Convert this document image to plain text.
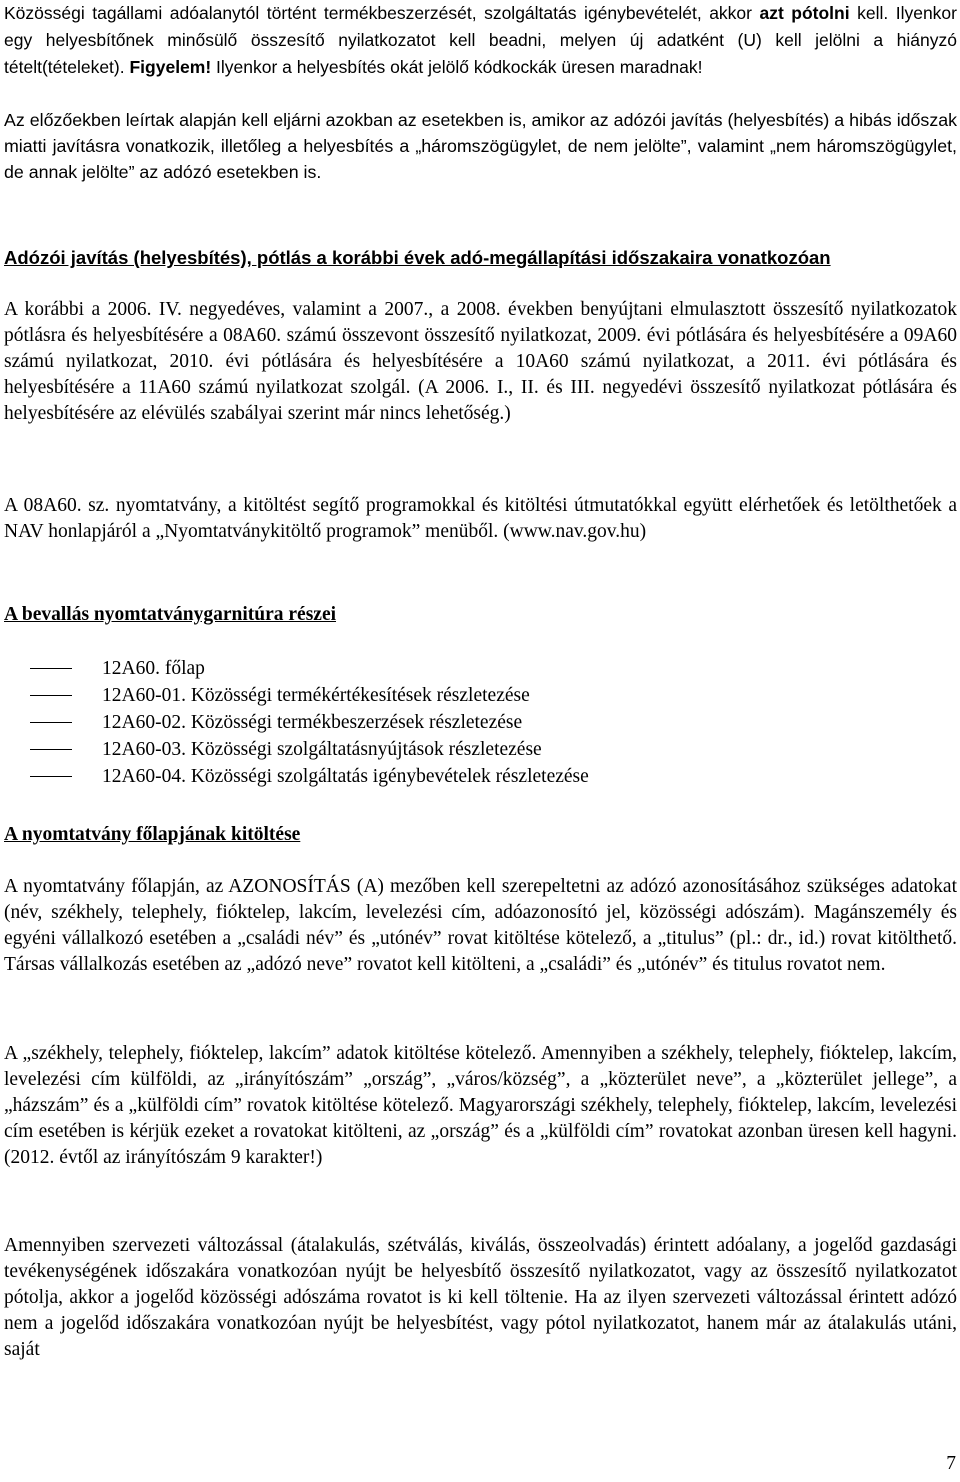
Közösségi tagállami adóalanytól történt termékbeszerzését, szolgáltatás igénybevételét, akkor azt pótolni kell. Ilyenkor egy helyesbítőnek minősülő összesítő nyilatkozatot kell beadni, melyen új adatként (U) kell jelölni a hiányzó tételt(tételeket). Figyelem! Ilyenkor a helyesbítés okát jelölő kódkockák üresen maradnak!

Az előzőekben leírtak alapján kell eljárni azokban az esetekben is, amikor az adózói javítás (helyesbítés) a hibás időszak miatti javításra vonatkozik, illetőleg a helyesbítés a „háromszögügylet, de nem jelölte”, valamint „nem háromszögügylet, de annak jelölte” az adózó esetekben is.

Adózói javítás (helyesbítés), pótlás a korábbi évek adó-megállapítási időszakaira vonatkozóan

A korábbi a 2006. IV. negyedéves, valamint a 2007., a 2008. években benyújtani elmulasztott összesítő nyilatkozatok pótlásra és helyesbítésére a 08A60. számú összevont összesítő nyilatkozat, 2009. évi pótlására és helyesbítésére a 09A60 számú nyilatkozat, 2010. évi pótlására és helyesbítésére a 10A60 számú nyilatkozat, a 2011. évi pótlására és helyesbítésére a 11A60 számú nyilatkozat szolgál. (A 2006. I., II. és III. negyedévi összesítő nyilatkozat pótlására és helyesbítésére az elévülés szabályai szerint már nincs lehetőség.)

A 08A60. sz. nyomtatvány, a kitöltést segítő programokkal és kitöltési útmutatókkal együtt elérhetőek és letölthetőek a NAV honlapjáról a „Nyomtatványkitöltő programok” menüből. (www.nav.gov.hu)

A bevallás nyomtatványgarnitúra részei
12A60. főlap
12A60-01. Közösségi termékértékesítések részletezése
12A60-02. Közösségi termékbeszerzések részletezése
12A60-03. Közösségi szolgáltatásnyújtások részletezése
12A60-04. Közösségi szolgáltatás igénybevételek részletezése
A nyomtatvány főlapjának kitöltése

A nyomtatvány főlapján, az AZONOSÍTÁS (A) mezőben kell szerepeltetni az adózó azonosításához szükséges adatokat (név, székhely, telephely, fióktelep, lakcím, levelezési cím, adóazonosító jel, közösségi adószám). Magánszemély és egyéni vállalkozó esetében a „családi név” és „utónév” rovat kitöltése kötelező, a „titulus” (pl.: dr., id.) rovat kitölthető. Társas vállalkozás esetében az „adózó neve” rovatot kell kitölteni, a „családi” és „utónév” és titulus rovatot nem.

A „székhely, telephely, fióktelep, lakcím” adatok kitöltése kötelező. Amennyiben a székhely, telephely, fióktelep, lakcím, levelezési cím külföldi, az „irányítószám” „ország”, „város/község”, a „közterület neve”, a „közterület jellege”, a „házszám” és a „külföldi cím” rovatok kitöltése kötelező. Magyarországi székhely, telephely, fióktelep, lakcím, levelezési cím esetében is kérjük ezeket a rovatokat kitölteni, az „ország” és a „külföldi cím” rovatokat azonban üresen kell hagyni. (2012. évtől az irányítószám 9 karakter!)

Amennyiben szervezeti változással (átalakulás, szétválás, kiválás, összeolvadás) érintett adóalany, a jogelőd gazdasági tevékenységének időszakára vonatkozóan nyújt be helyesbítő összesítő nyilatkozatot, vagy az összesítő nyilatkozatot pótolja, akkor a jogelőd közösségi adószáma rovatot is ki kell töltenie. Ha az ilyen szervezeti változással érintett adózó nem a jogelőd időszakára vonatkozóan nyújt be helyesbítést, vagy pótol nyilatkozatot, hanem már az átalakulás utáni, saját

7
